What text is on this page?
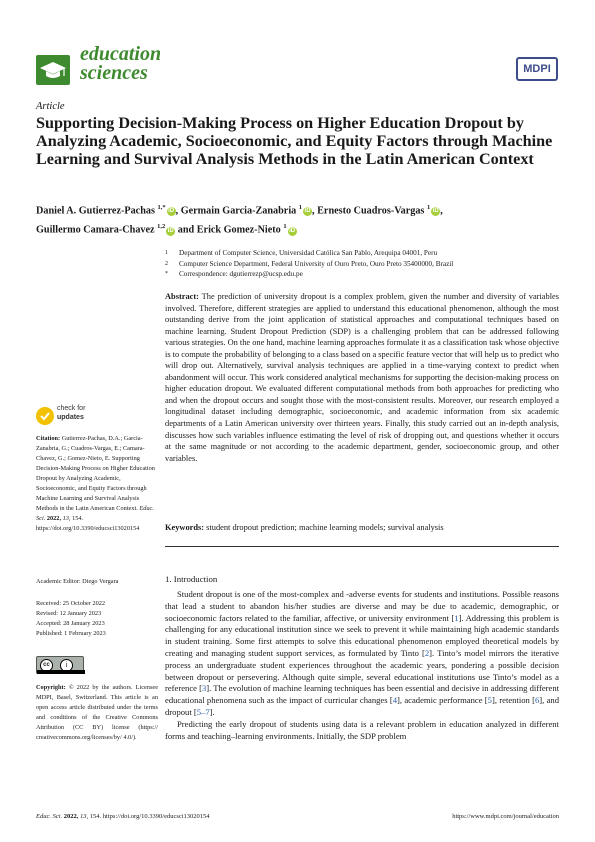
education
sciences	MDPI
Article
Supporting Decision-Making Process on Higher Education Dropout by Analyzing Academic, Socioeconomic, and Equity Factors through Machine Learning and Survival Analysis Methods in the Latin American Context
Daniel A. Gutierrez-Pachas $^{1,*}$iD , Germain Garcia-Zanabria $^1$iD , Ernesto Cuadros-Vargas $^1$iD ,
Guillermo Camara-Chavez $^{1,2}$iD and Erick Gomez-Nieto $^1$iD
1	Department of Computer Science, Universidad Católica San Pablo, Arequipa 04001, Peru
2	Computer Science Department, Federal University of Ouro Preto, Ouro Preto 35400000, Brazil
*	Correspondence: dgutierrezp@ucsp.edu.pe
Abstract: The prediction of university dropout is a complex problem, given the number and diversity of variables involved. Therefore, different strategies are applied to understand this educational phenomenon, although the most outstanding derive from the joint application of statistical approaches and computational techniques based on machine learning. Student Dropout Prediction (SDP) is a challenging problem that can be addressed following various strategies. On the one hand, machine learning approaches formulate it as a classification task whose objective is to compute the probability of belonging to a class based on a specific feature vector that will help us to predict who will drop out. Alternatively, survival analysis techniques are applied in a time-varying context to predict when abandonment will occur. This work considered analytical mechanisms for supporting the decision-making process on higher education dropout. We evaluated different computational methods from both approaches for predicting who and when the dropout occurs and sought those with the most-consistent results. Moreover, our research employed a longitudinal dataset including demographic, socioeconomic, and academic information from six academic departments of a Latin American university over thirteen years. Finally, this study carried out an in-depth analysis, discusses how such variables influence estimating the level of risk of dropping out, and questions whether it occurs at the same magnitude or not according to the academic department, gender, socioeconomic group, and other variables.
Keywords: student dropout prediction; machine learning models; survival analysis
check for
updates
Citation: Gutierrez-Pachas, D.A.; Garcia-Zanabria, G.; Cuadros-Vargas, E.; Camara-Chavez, G.; Gomez-Nieto, E. Supporting Decision-Making Process on Higher Education Dropout by Analyzing Academic, Socioeconomic, and Equity Factors through Machine Learning and Survival Analysis Methods in the Latin American Context. Educ. Sci. 2022, 13, 154. https://doi.org/10.3390/educsci13020154
Academic Editor: Diego Vergara
Received: 25 October 2022
Revised: 12 January 2023
Accepted: 28 January 2023
Published: 1 February 2023
cc	i
Copyright: © 2022 by the authors. Licensee MDPI, Basel, Switzerland. This article is an open access article distributed under the terms and conditions of the Creative Commons Attribution (CC BY) license (https:// creativecommons.org/licenses/by/ 4.0/).
1. Introduction

Student dropout is one of the most-complex and -adverse events for students and institutions. Possible reasons that lead a student to abandon his/her studies are diverse and may be due to academic, demographic, or socioeconomic factors related to the familiar, affective, or university environment [1]. Addressing this problem is challenging for any educational institution since we seek to prevent it while maintaining high academic standards in student training. Some first attempts to solve this educational phenomenon employed theoretical models by creating and managing student support services, as formulated by Tinto [2]. Tinto’s model mirrors the iterative process an undergraduate student experiences throughout the academic years, pondering a possible decision between dropout or persevering. Although quite simple, several educational institutions use Tinto’s model as a reference [3]. The evolution of machine learning techniques has been essential and decisive in addressing different educational phenomena such as the impact of curricular changes [4], academic performance [5], retention [6], and dropout [5–7].

Predicting the early dropout of students using data is a relevant problem in education analyzed in different forms and teaching–learning environments. Initially, the SDP problem

Educ. Sci. 2022, 13, 154. https://doi.org/10.3390/educsci13020154	https://www.mdpi.com/journal/education
